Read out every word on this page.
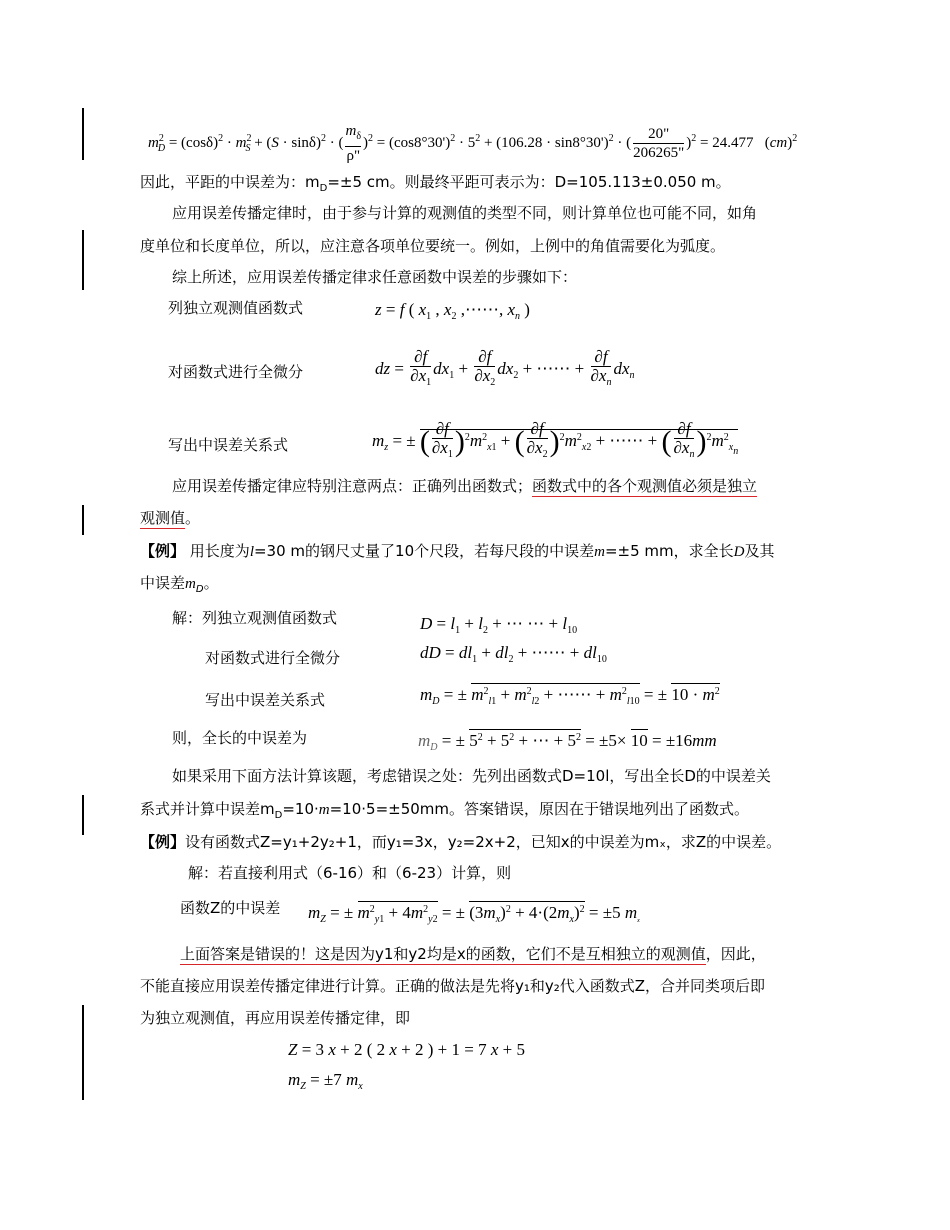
$m^2_D = (\cos\delta)^2 \cdot m^2_S + (S \cdot \sin\delta)^2$ · ( $\frac{m_\delta}{\rho"} )^2 = (\cos 8^\circ 30')^2 \cdot 5^2 + (106.28 \cdot \sin 8^\circ 30')^2$ · ( $\frac{20"}{206265"} )^2 = 24.477$   (cm)$^2$
因此，平距的中误差为：$m_D=\pm 5$ cm。则最终平距可表示为：D=105.113±0.050 m。
应用误差传播定律时，由于参与计算的观测值的类型不同，则计算单位也可能不同，如角
度单位和长度单位，所以，应注意各项单位要统一。例如，上例中的角值需要化为弧度。
综上所述，应用误差传播定律求任意函数中误差的步骤如下：
列独立观测值函数式	z = f ( $x_1$ , $x_2$ ,⋯⋯, $x_n$ )
对函数式进行全微分	dz = $\frac{\partial f}{\partial x_1} dx_1 + \frac{\partial f}{\partial x_2} dx_2$ + ⋯⋯ + $\frac{\partial f}{\partial x_n} dx_n$
写出中误差关系式	$m_z$ = ± ( $\frac{\partial f}{\partial x_1} )^2m^2_{x1}$ + ( $\frac{\partial f}{\partial x_2} )^2m^2_{x2}$ + ⋯⋯ + ( $\frac{\partial f}{\partial x_n} )^2m^2_{x_n}$
应用误差传播定律应特别注意两点：正确列出函数式；函数式中的各个观测值必须是独立
观测值。
【例】 用长度为l=30 m的钢尺丈量了10个尺段，若每尺段的中误差m=±5 mm，求全长D及其
中误差$m_D$。
解：列独立观测值函数式	$D = l_1 + l_2$ + ⋯ ⋯ + $l_{10}$
对函数式进行全微分	dD = $dl_1 + dl_2$ + ⋯⋯ + $dl_{10}$
写出中误差关系式	$m_D$ = ± $m^2_{l1} + m^2_{l2}$ + ⋯⋯ + $m^2_{l10}$ = ± $10 \cdot m^2$
则，全长的中误差为	$m_D$ = ± $5^2 + 5^2$ + ⋯ + $5^2 = \pm 5\times 10 = \pm 16mm$
如果采用下面方法计算该题，考虑错误之处：先列出函数式D=10l，写出全长D的中误差关
系式并计算中误差$m_D=10\cdot m=10\cdot 5=\pm 50mm$。答案错误，原因在于错误地列出了函数式。
【例】设有函数式Z=y₁+2y₂+1，而y₁=3x，y₂=2x+2，已知x的中误差为mₓ，求Z的中误差。
解：若直接利用式（6-16）和（6-23）计算，则
函数Z的中误差 $m_Z$ = ± $m^2_{y1} + 4m^2_{y2}$ = ± $(3m_x)^2 + 4\cdot(2m_x)^2 = \pm 5$ $m_x$
上面答案是错误的！这是因为y1和y2均是x的函数，它们不是互相独立的观测值，因此，
不能直接应用误差传播定律进行计算。正确的做法是先将y₁和y₂代入函数式Z，合并同类项后即
为独立观测值，再应用误差传播定律，即
Z = 3 x + 2 ( 2 x + 2 ) + 1 = 7 x + 5
$m_Z = \pm 7$ $m_x$
